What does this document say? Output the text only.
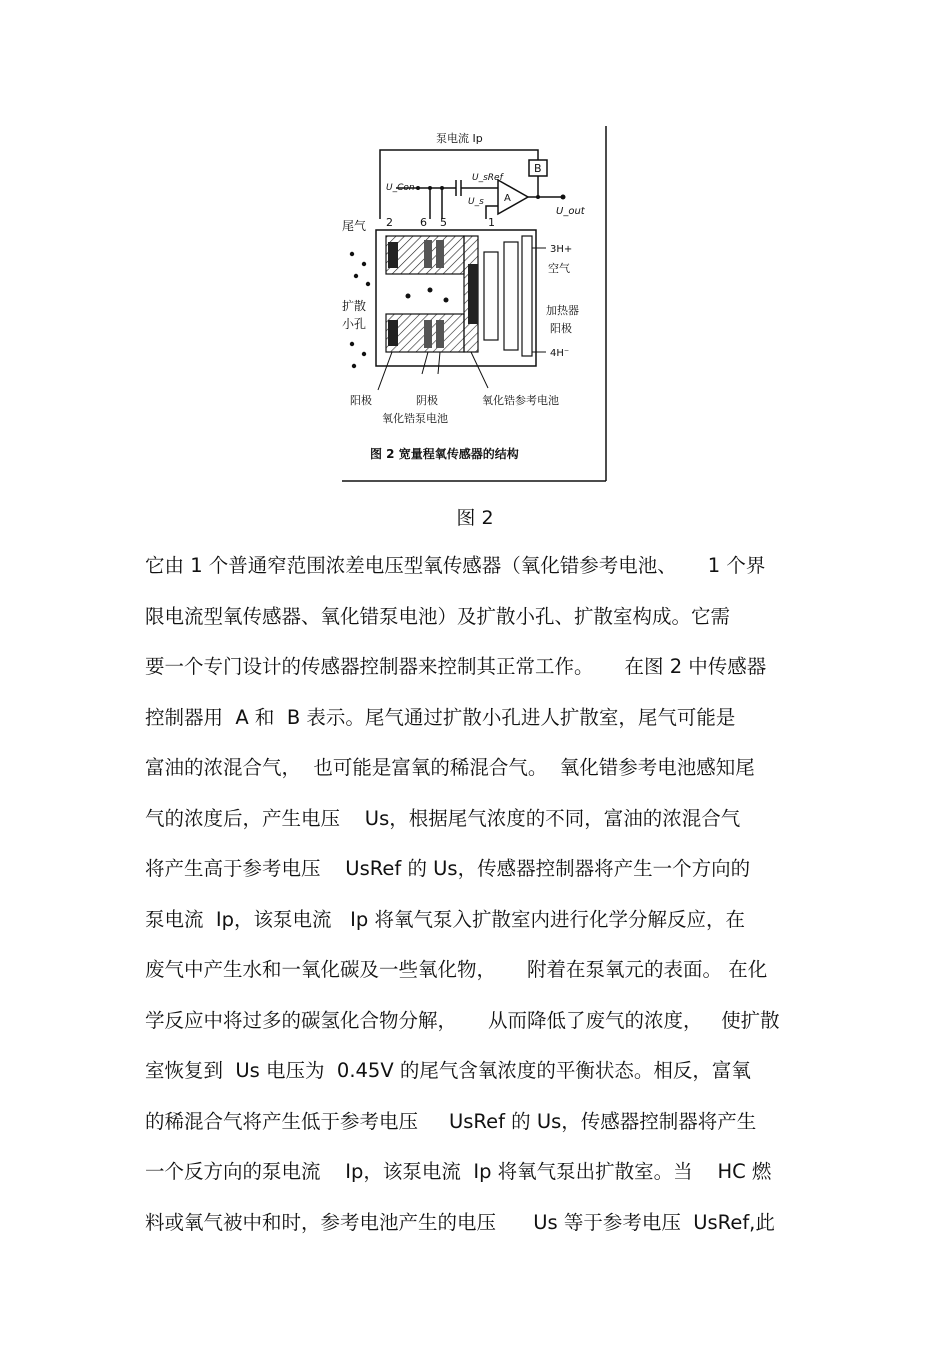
泵电流 Ip
B
A
U_out
U_Con
U_sRef
U_s
2 6 5	1
尾气
扩散
小孔
3H+
空气
加热器
阳极
4H⁻
阳极	阴极
氧化锆泵电池
氧化锆参考电池
图 2 宽量程氧传感器的结构
图 2
它由 1 个普通窄范围浓差电压型氧传感器（氧化错参考电池、     1 个界
限电流型氧传感器、氧化错泵电池）及扩散小孔、扩散室构成。它需
要一个专门设计的传感器控制器来控制其正常工作。     在图 2 中传感器
控制器用  A 和  B 表示。尾气通过扩散小孔进人扩散室，尾气可能是
富油的浓混合气，  也可能是富氧的稀混合气。  氧化错参考电池感知尾
气的浓度后，产生电压    Us，根据尾气浓度的不同，富油的浓混合气
将产生高于参考电压    UsRef 的 Us，传感器控制器将产生一个方向的
泵电流  Ip，该泵电流   Ip 将氧气泵入扩散室内进行化学分解反应，在
废气中产生水和一氧化碳及一些氧化物，     附着在泵氧元的表面。 在化
学反应中将过多的碳氢化合物分解，     从而降低了废气的浓度，   使扩散
室恢复到  Us 电压为  0.45V 的尾气含氧浓度的平衡状态。相反，富氧
的稀混合气将产生低于参考电压     UsRef 的 Us，传感器控制器将产生
一个反方向的泵电流    Ip，该泵电流  Ip 将氧气泵出扩散室。当    HC 燃
料或氧气被中和时，参考电池产生的电压      Us 等于参考电压  UsRef,此
